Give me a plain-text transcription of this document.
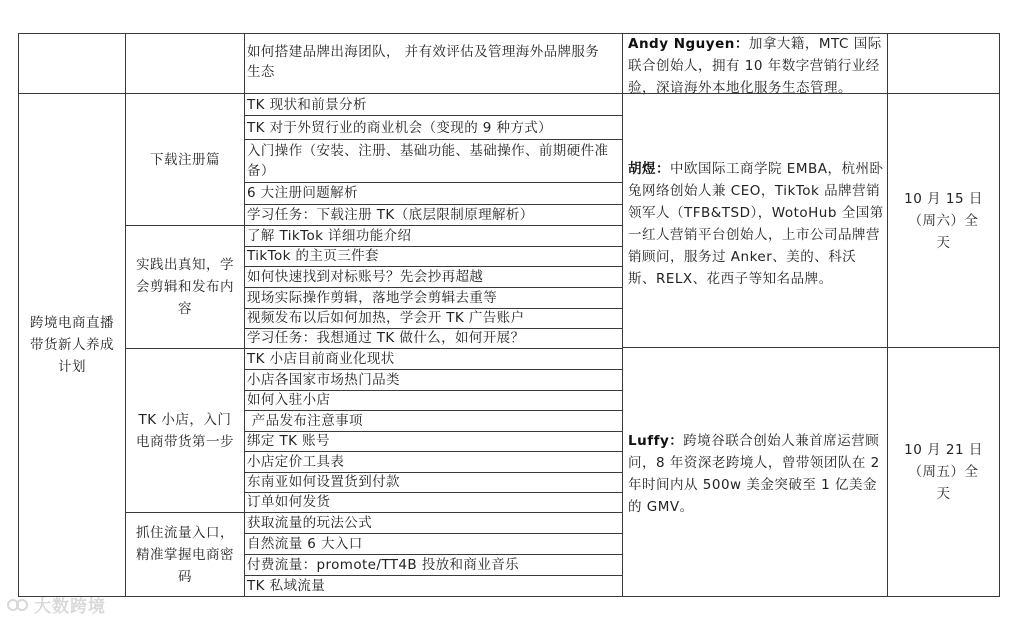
如何搭建品牌出海团队， 并有效评估及管理海外品牌服务生态
Andy Nguyen：加拿大籍，MTC 国际联合创始人，拥有 10 年数字营销行业经验，深谙海外本地化服务生态管理。
跨境电商直播带货新人养成计划
下载注册篇
实践出真知，学会剪辑和发布内容
TK 小店，入门电商带货第一步
抓住流量入口，精准掌握电商密码
TK 现状和前景分析
TK 对于外贸行业的商业机会（变现的 9 种方式）
入门操作（安装、注册、基础功能、基础操作、前期硬件准备）
6 大注册问题解析
学习任务：下载注册 TK（底层限制原理解析）
了解 TikTok 详细功能介绍
TikTok 的主页三件套
如何快速找到对标账号？先会抄再超越
现场实际操作剪辑，落地学会剪辑去重等
视频发布以后如何加热，学会开 TK 广告账户
学习任务：我想通过 TK 做什么，如何开展？
TK 小店目前商业化现状
小店各国家市场热门品类
如何入驻小店
产品发布注意事项
绑定 TK 账号
小店定价工具表
东南亚如何设置货到付款
订单如何发货
获取流量的玩法公式
自然流量 6 大入口
付费流量：promote/TT4B 投放和商业音乐
TK 私域流量
胡煜：中欧国际工商学院 EMBA，杭州卧兔网络创始人兼 CEO，TikTok 品牌营销领军人（TFB&TSD），WotoHub 全国第一红人营销平台创始人，上市公司品牌营销顾问，服务过 Anker、美的、科沃斯、RELX、花西子等知名品牌。
Luffy：跨境谷联合创始人兼首席运营顾问，8 年资深老跨境人，曾带领团队在 2 年时间内从 500w 美金突破至 1 亿美金的 GMV。
10 月 15 日（周六）全天
10 月 21 日（周五）全天
大数跨境
